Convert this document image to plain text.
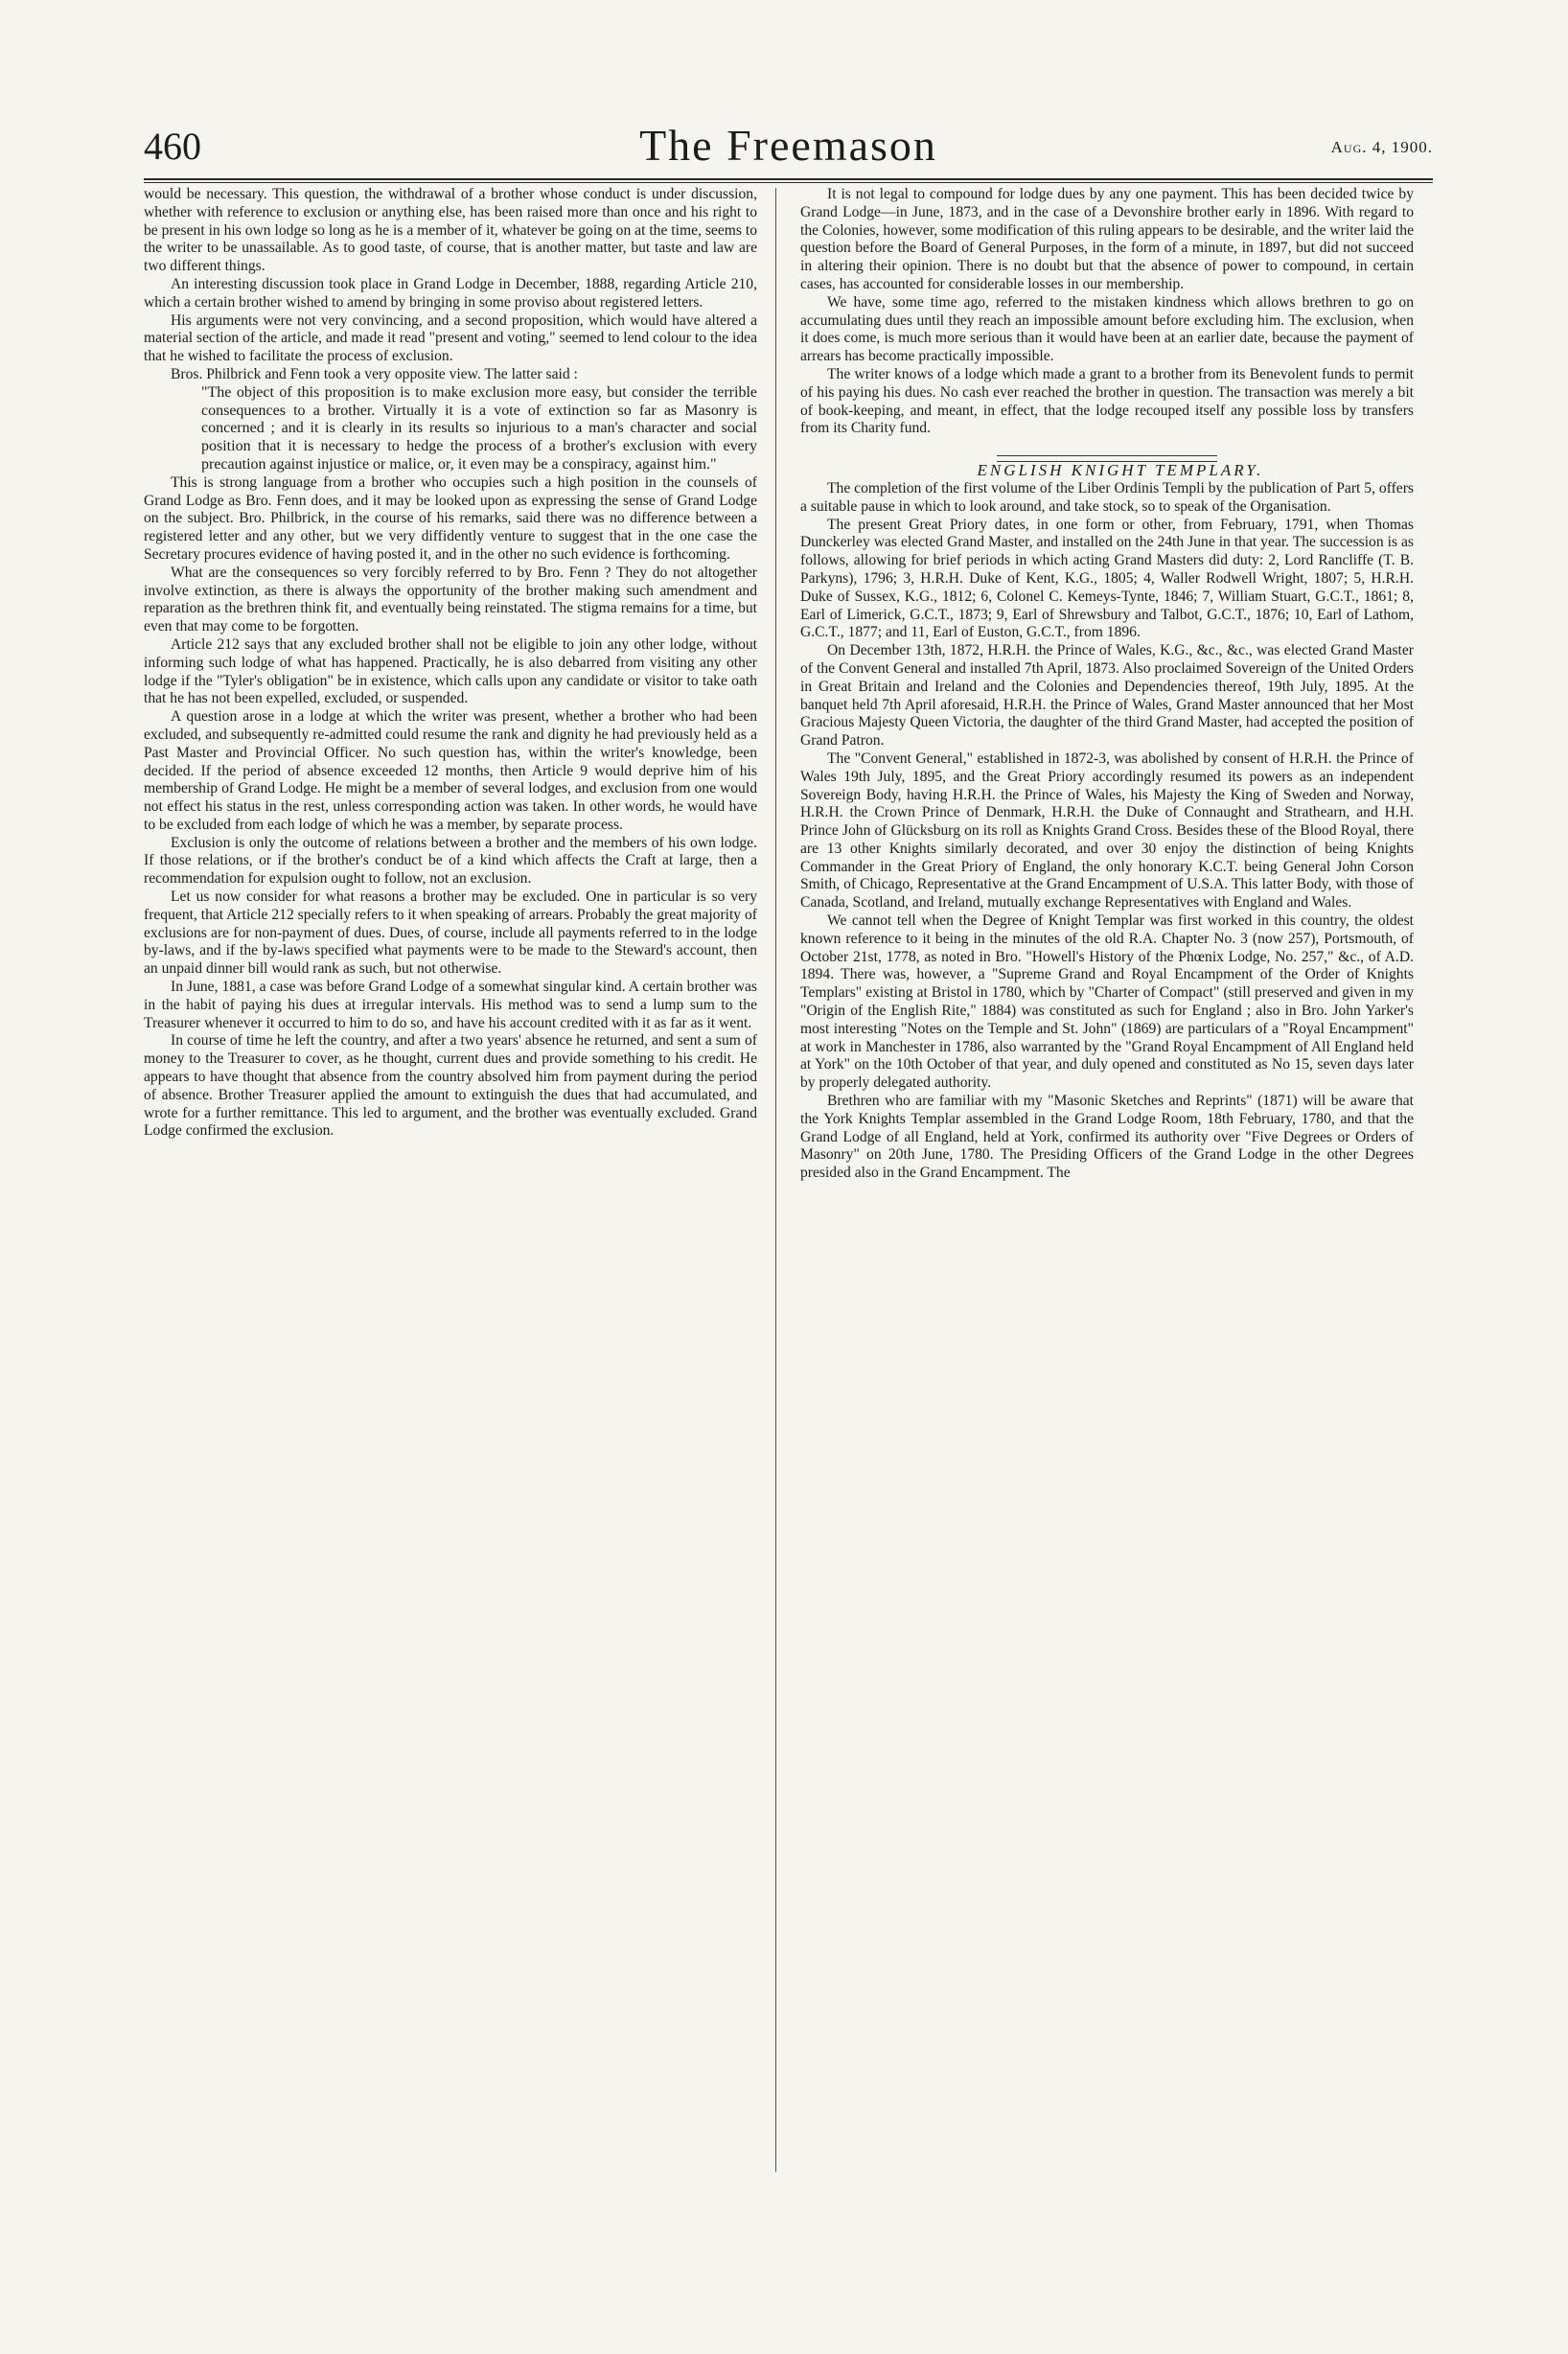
460	The Freemason	Aug. 4, 1900.

would be necessary. This question, the withdrawal of a brother whose conduct is under discussion, whether with reference to exclusion or anything else, has been raised more than once and his right to be present in his own lodge so long as he is a member of it, whatever be going on at the time, seems to the writer to be unassailable. As to good taste, of course, that is another matter, but taste and law are two different things.

An interesting discussion took place in Grand Lodge in December, 1888, regarding Article 210, which a certain brother wished to amend by bringing in some proviso about registered letters.

His arguments were not very convincing, and a second proposition, which would have altered a material section of the article, and made it read "present and voting," seemed to lend colour to the idea that he wished to facilitate the process of exclusion.

Bros. Philbrick and Fenn took a very opposite view. The latter said :

"The object of this proposition is to make exclusion more easy, but consider the terrible consequences to a brother. Virtually it is a vote of extinction so far as Masonry is concerned ; and it is clearly in its results so injurious to a man's character and social position that it is necessary to hedge the process of a brother's exclusion with every precaution against injustice or malice, or, it even may be a conspiracy, against him."

This is strong language from a brother who occupies such a high position in the counsels of Grand Lodge as Bro. Fenn does, and it may be looked upon as expressing the sense of Grand Lodge on the subject. Bro. Philbrick, in the course of his remarks, said there was no difference between a registered letter and any other, but we very diffidently venture to suggest that in the one case the Secretary procures evidence of having posted it, and in the other no such evidence is forthcoming.

What are the consequences so very forcibly referred to by Bro. Fenn ? They do not altogether involve extinction, as there is always the opportunity of the brother making such amendment and reparation as the brethren think fit, and eventually being reinstated. The stigma remains for a time, but even that may come to be forgotten.

Article 212 says that any excluded brother shall not be eligible to join any other lodge, without informing such lodge of what has happened. Practically, he is also debarred from visiting any other lodge if the "Tyler's obligation" be in existence, which calls upon any candidate or visitor to take oath that he has not been expelled, excluded, or suspended.

A question arose in a lodge at which the writer was present, whether a brother who had been excluded, and subsequently re-admitted could resume the rank and dignity he had previously held as a Past Master and Provincial Officer. No such question has, within the writer's knowledge, been decided. If the period of absence exceeded 12 months, then Article 9 would deprive him of his membership of Grand Lodge. He might be a member of several lodges, and exclusion from one would not effect his status in the rest, unless corresponding action was taken. In other words, he would have to be excluded from each lodge of which he was a member, by separate process.

Exclusion is only the outcome of relations between a brother and the members of his own lodge. If those relations, or if the brother's conduct be of a kind which affects the Craft at large, then a recommendation for expulsion ought to follow, not an exclusion.

Let us now consider for what reasons a brother may be excluded. One in particular is so very frequent, that Article 212 specially refers to it when speaking of arrears. Probably the great majority of exclusions are for non-payment of dues. Dues, of course, include all payments referred to in the lodge by-laws, and if the by-laws specified what payments were to be made to the Steward's account, then an unpaid dinner bill would rank as such, but not otherwise.

In June, 1881, a case was before Grand Lodge of a somewhat singular kind. A certain brother was in the habit of paying his dues at irregular intervals. His method was to send a lump sum to the Treasurer whenever it occurred to him to do so, and have his account credited with it as far as it went.

In course of time he left the country, and after a two years' absence he returned, and sent a sum of money to the Treasurer to cover, as he thought, current dues and provide something to his credit. He appears to have thought that absence from the country absolved him from payment during the period of absence. Brother Treasurer applied the amount to extinguish the dues that had accumulated, and wrote for a further remittance. This led to argument, and the brother was eventually excluded. Grand Lodge confirmed the exclusion.

It is not legal to compound for lodge dues by any one payment. This has been decided twice by Grand Lodge—in June, 1873, and in the case of a Devonshire brother early in 1896. With regard to the Colonies, however, some modification of this ruling appears to be desirable, and the writer laid the question before the Board of General Purposes, in the form of a minute, in 1897, but did not succeed in altering their opinion. There is no doubt but that the absence of power to compound, in certain cases, has accounted for considerable losses in our membership.

We have, some time ago, referred to the mistaken kindness which allows brethren to go on accumulating dues until they reach an impossible amount before excluding him. The exclusion, when it does come, is much more serious than it would have been at an earlier date, because the payment of arrears has become practically impossible.

The writer knows of a lodge which made a grant to a brother from its Benevolent funds to permit of his paying his dues. No cash ever reached the brother in question. The transaction was merely a bit of book-keeping, and meant, in effect, that the lodge recouped itself any possible loss by transfers from its Charity fund.

ENGLISH KNIGHT TEMPLARY.

The completion of the first volume of the Liber Ordinis Templi by the publication of Part 5, offers a suitable pause in which to look around, and take stock, so to speak of the Organisation.

The present Great Priory dates, in one form or other, from February, 1791, when Thomas Dunckerley was elected Grand Master, and installed on the 24th June in that year. The succession is as follows, allowing for brief periods in which acting Grand Masters did duty: 2, Lord Rancliffe (T. B. Parkyns), 1796; 3, H.R.H. Duke of Kent, K.G., 1805; 4, Waller Rodwell Wright, 1807; 5, H.R.H. Duke of Sussex, K.G., 1812; 6, Colonel C. Kemeys-Tynte, 1846; 7, William Stuart, G.C.T., 1861; 8, Earl of Limerick, G.C.T., 1873; 9, Earl of Shrewsbury and Talbot, G.C.T., 1876; 10, Earl of Lathom, G.C.T., 1877; and 11, Earl of Euston, G.C.T., from 1896.

On December 13th, 1872, H.R.H. the Prince of Wales, K.G., &c., &c., was elected Grand Master of the Convent General and installed 7th April, 1873. Also proclaimed Sovereign of the United Orders in Great Britain and Ireland and the Colonies and Dependencies thereof, 19th July, 1895. At the banquet held 7th April aforesaid, H.R.H. the Prince of Wales, Grand Master announced that her Most Gracious Majesty Queen Victoria, the daughter of the third Grand Master, had accepted the position of Grand Patron.

The "Convent General," established in 1872-3, was abolished by consent of H.R.H. the Prince of Wales 19th July, 1895, and the Great Priory accordingly resumed its powers as an independent Sovereign Body, having H.R.H. the Prince of Wales, his Majesty the King of Sweden and Norway, H.R.H. the Crown Prince of Denmark, H.R.H. the Duke of Connaught and Strathearn, and H.H. Prince John of Glücksburg on its roll as Knights Grand Cross. Besides these of the Blood Royal, there are 13 other Knights similarly decorated, and over 30 enjoy the distinction of being Knights Commander in the Great Priory of England, the only honorary K.C.T. being General John Corson Smith, of Chicago, Representative at the Grand Encampment of U.S.A. This latter Body, with those of Canada, Scotland, and Ireland, mutually exchange Representatives with England and Wales.

We cannot tell when the Degree of Knight Templar was first worked in this country, the oldest known reference to it being in the minutes of the old R.A. Chapter No. 3 (now 257), Portsmouth, of October 21st, 1778, as noted in Bro. "Howell's History of the Phœnix Lodge, No. 257," &c., of A.D. 1894. There was, however, a "Supreme Grand and Royal Encampment of the Order of Knights Templars" existing at Bristol in 1780, which by "Charter of Compact" (still preserved and given in my "Origin of the English Rite," 1884) was constituted as such for England ; also in Bro. John Yarker's most interesting "Notes on the Temple and St. John" (1869) are particulars of a "Royal Encampment" at work in Manchester in 1786, also warranted by the "Grand Royal Encampment of All England held at York" on the 10th October of that year, and duly opened and constituted as No 15, seven days later by properly delegated authority.

Brethren who are familiar with my "Masonic Sketches and Reprints" (1871) will be aware that the York Knights Templar assembled in the Grand Lodge Room, 18th February, 1780, and that the Grand Lodge of all England, held at York, confirmed its authority over "Five Degrees or Orders of Masonry" on 20th June, 1780. The Presiding Officers of the Grand Lodge in the other Degrees presided also in the Grand Encampment. The
